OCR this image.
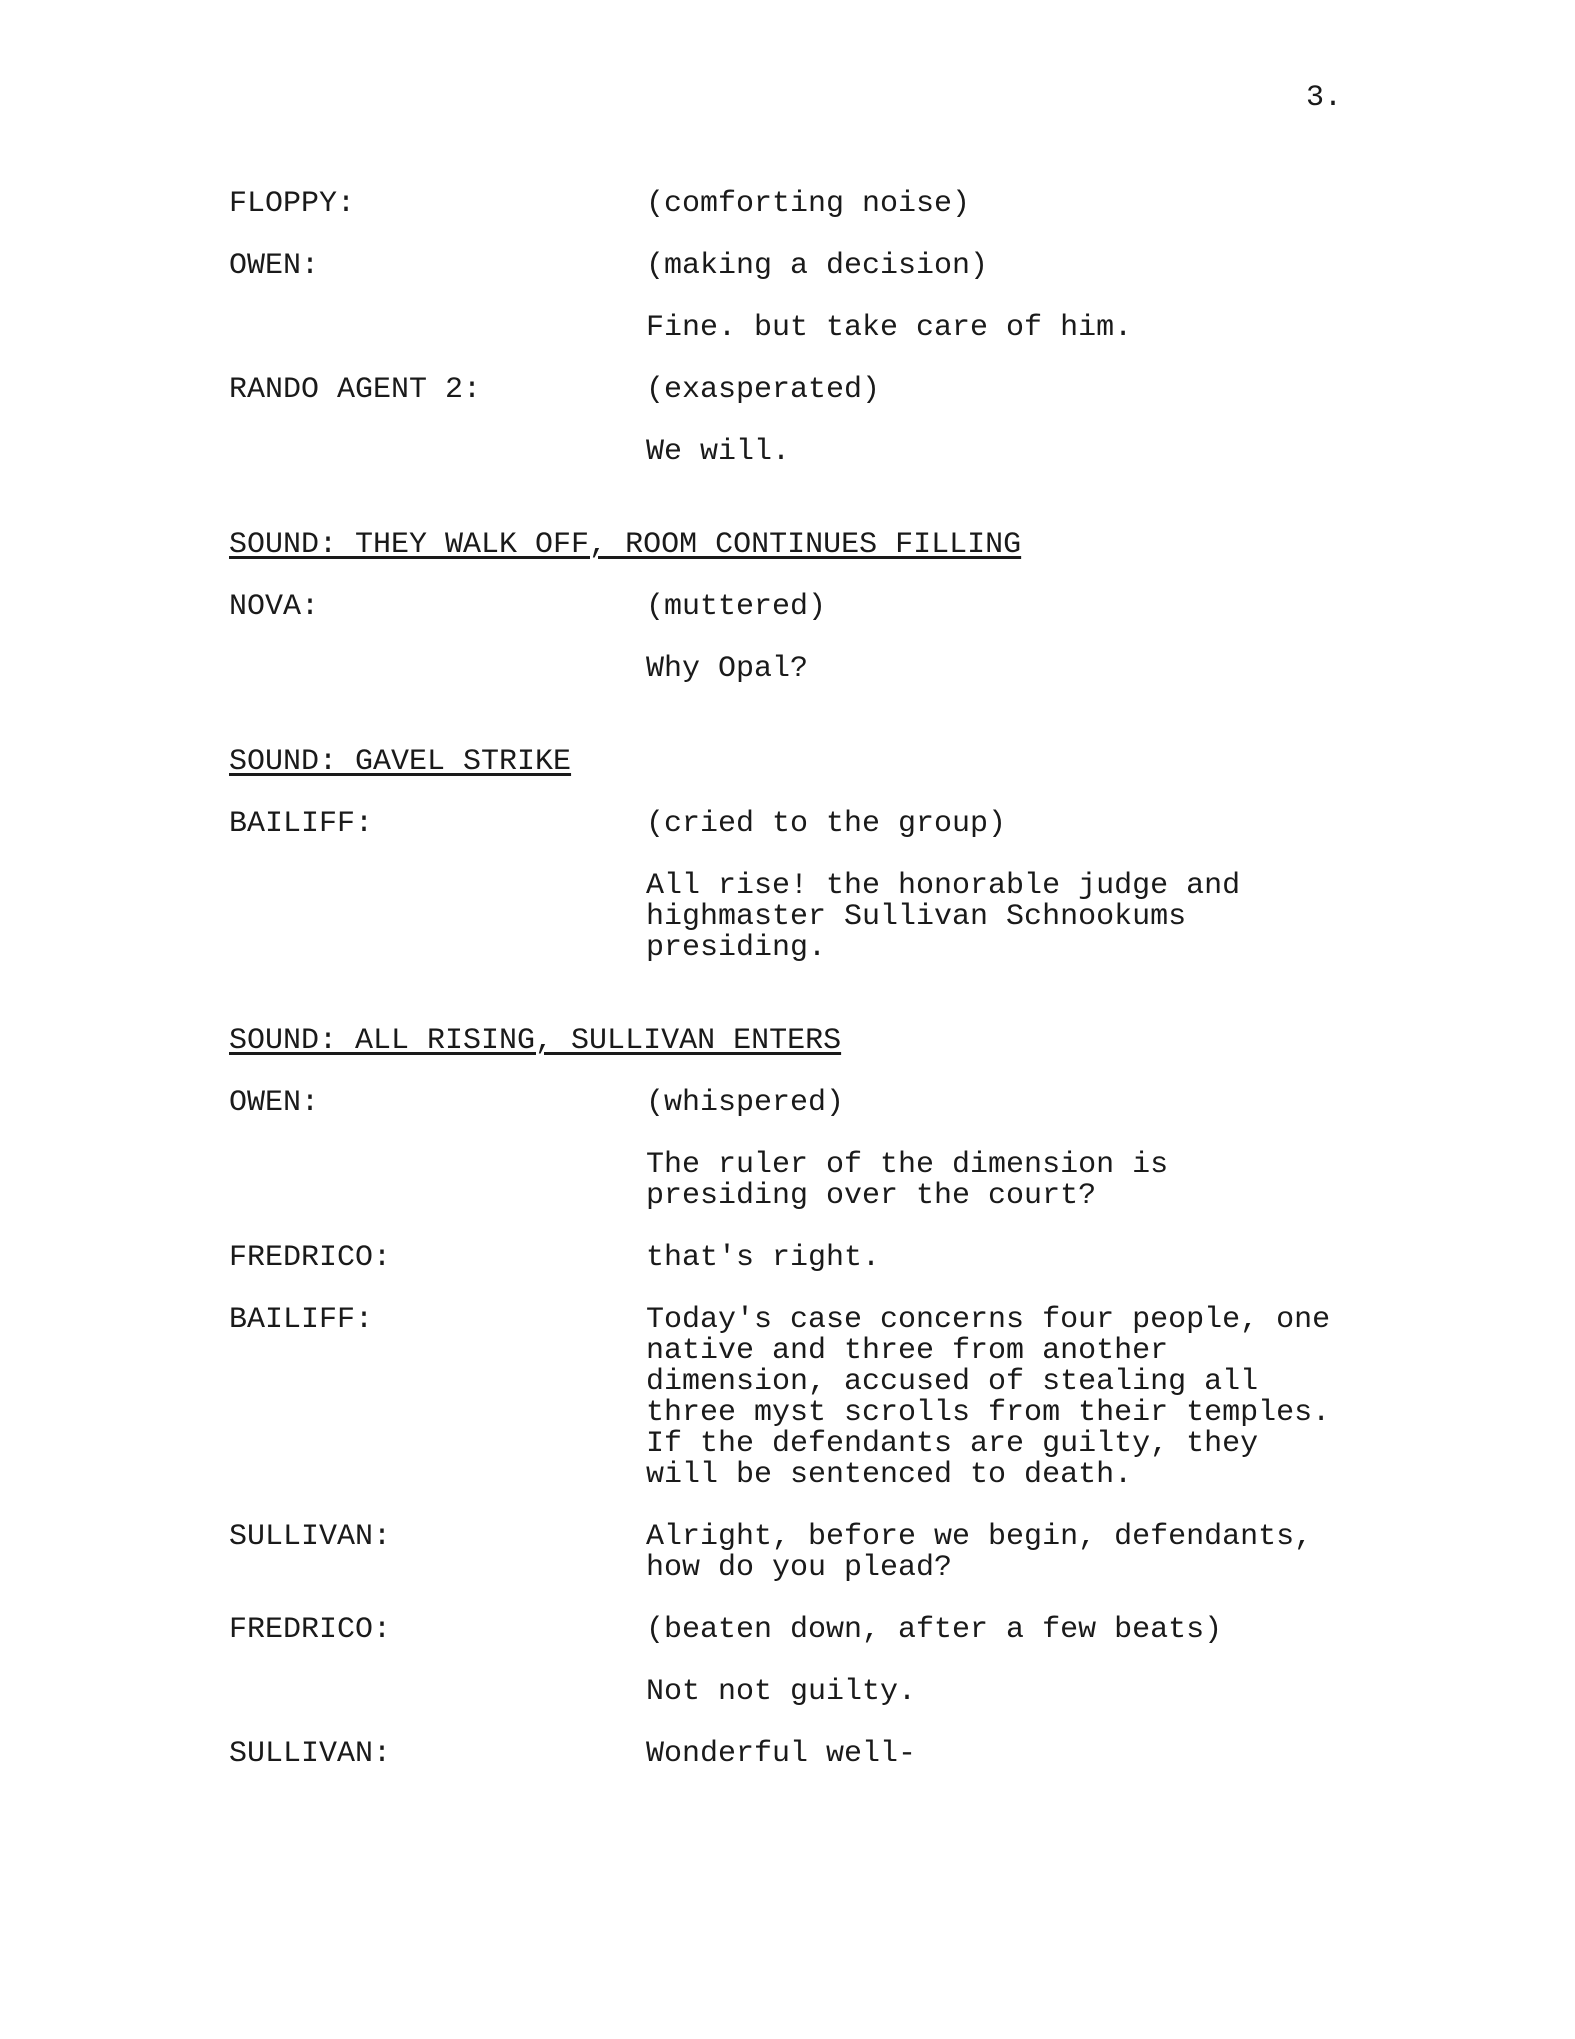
3.
FLOPPY:	(comforting noise)
OWEN:	(making a decision)
Fine. but take care of him.
RANDO AGENT 2:	(exasperated)
We will.
SOUND: THEY WALK OFF, ROOM CONTINUES FILLING
NOVA:	(muttered)
Why Opal?
SOUND: GAVEL STRIKE
BAILIFF:	(cried to the group)
All rise! the honorable judge and highmaster Sullivan Schnookums presiding.
SOUND: ALL RISING, SULLIVAN ENTERS
OWEN:	(whispered)
The ruler of the dimension is presiding over the court?
FREDRICO:	that's right.
BAILIFF:	Today's case concerns four people, one native and three from another dimension, accused of stealing all three myst scrolls from their temples. If the defendants are guilty, they will be sentenced to death.
SULLIVAN:	Alright, before we begin, defendants, how do you plead?
FREDRICO:	(beaten down, after a few beats)
Not not guilty.
SULLIVAN:	Wonderful well-
